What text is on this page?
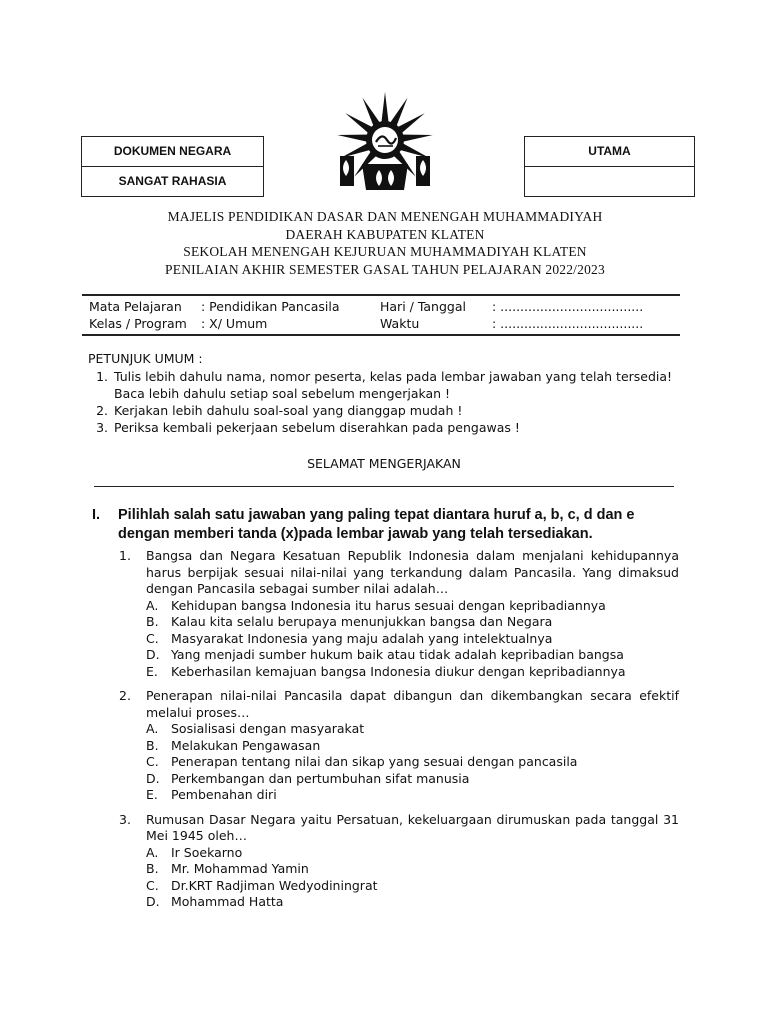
DOKUMEN NEGARA
SANGAT RAHASIA
UTAMA
MAJELIS PENDIDIKAN DASAR DAN MENENGAH MUHAMMADIYAH
DAERAH KABUPATEN KLATEN
SEKOLAH MENENGAH KEJURUAN MUHAMMADIYAH KLATEN
PENILAIAN AKHIR SEMESTER GASAL TAHUN PELAJARAN 2022/2023
Mata Pelajaran : Pendidikan Pancasila
Kelas / Program : X/ Umum
Hari / Tanggal : ....................................
Waktu	: ....................................
PETUNJUK UMUM :
1. Tulis lebih dahulu nama, nomor peserta, kelas pada lembar jawaban yang telah tersedia!
Baca lebih dahulu setiap soal sebelum mengerjakan !
2. Kerjakan lebih dahulu soal-soal yang dianggap mudah !
3. Periksa kembali pekerjaan sebelum diserahkan pada pengawas !
SELAMAT MENGERJAKAN
I. Pilihlah salah satu jawaban yang paling tepat diantara huruf a, b, c, d dan e
dengan memberi tanda (x)pada lembar jawab yang telah tersediakan.
1. Bangsa dan Negara Kesatuan Republik Indonesia dalam menjalani kehidupannya harus berpijak sesuai nilai-nilai yang terkandung dalam Pancasila. Yang dimaksud dengan Pancasila sebagai sumber nilai adalah…
A. Kehidupan bangsa Indonesia itu harus sesuai dengan kepribadiannya
B. Kalau kita selalu berupaya menunjukkan bangsa dan Negara
C. Masyarakat Indonesia yang maju adalah yang intelektualnya
D. Yang menjadi sumber hukum baik atau tidak adalah kepribadian bangsa
E. Keberhasilan kemajuan bangsa Indonesia diukur dengan kepribadiannya
2. Penerapan nilai-nilai Pancasila dapat dibangun dan dikembangkan secara efektif melalui proses…
A. Sosialisasi dengan masyarakat
B. Melakukan Pengawasan
C. Penerapan tentang nilai dan sikap yang sesuai dengan pancasila
D. Perkembangan dan pertumbuhan sifat manusia
E. Pembenahan diri
3. Rumusan Dasar Negara yaitu Persatuan, kekeluargaan dirumuskan pada tanggal 31 Mei 1945 oleh…
A. Ir Soekarno
B. Mr. Mohammad Yamin
C. Dr.KRT Radjiman Wedyodiningrat
D. Mohammad Hatta
